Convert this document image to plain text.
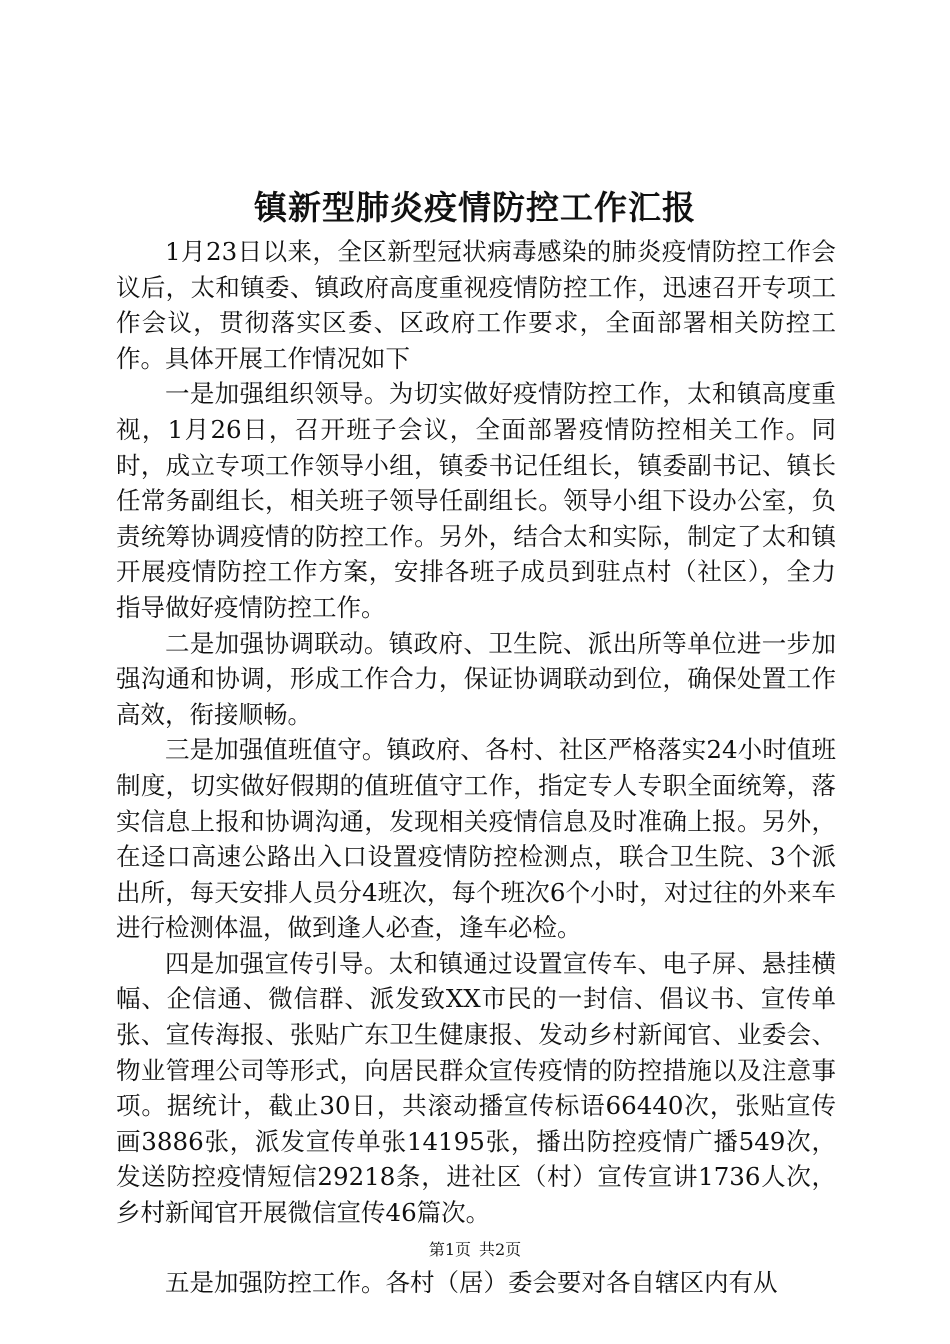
镇新型肺炎疫情防控工作汇报

1月23日以来，全区新型冠状病毒感染的肺炎疫情防控工作会议后，太和镇委、镇政府高度重视疫情防控工作，迅速召开专项工作会议，贯彻落实区委、区政府工作要求，全面部署相关防控工作。具体开展工作情况如下

一是加强组织领导。为切实做好疫情防控工作，太和镇高度重视，1月26日，召开班子会议，全面部署疫情防控相关工作。同时，成立专项工作领导小组，镇委书记任组长，镇委副书记、镇长任常务副组长，相关班子领导任副组长。领导小组下设办公室，负责统筹协调疫情的防控工作。另外，结合太和实际，制定了太和镇开展疫情防控工作方案，安排各班子成员到驻点村（社区），全力指导做好疫情防控工作。

二是加强协调联动。镇政府、卫生院、派出所等单位进一步加强沟通和协调，形成工作合力，保证协调联动到位，确保处置工作高效，衔接顺畅。

三是加强值班值守。镇政府、各村、社区严格落实24小时值班制度，切实做好假期的值班值守工作，指定专人专职全面统筹，落实信息上报和协调沟通，发现相关疫情信息及时准确上报。另外，在迳口高速公路出入口设置疫情防控检测点，联合卫生院、3个派出所，每天安排人员分4班次，每个班次6个小时，对过往的外来车进行检测体温，做到逢人必查，逢车必检。

四是加强宣传引导。太和镇通过设置宣传车、电子屏、悬挂横幅、企信通、微信群、派发致XX市民的一封信、倡议书、宣传单张、宣传海报、张贴广东卫生健康报、发动乡村新闻官、业委会、物业管理公司等形式，向居民群众宣传疫情的防控措施以及注意事项。据统计，截止30日，共滚动播宣传标语66440次，张贴宣传画3886张，派发宣传单张14195张，播出防控疫情广播549次，发送防控疫情短信29218条，进社区（村）宣传宣讲1736人次，乡村新闻官开展微信宣传46篇次。

五是加强防控工作。各村（居）委会要对各自辖区内有从

第1页 共2页
